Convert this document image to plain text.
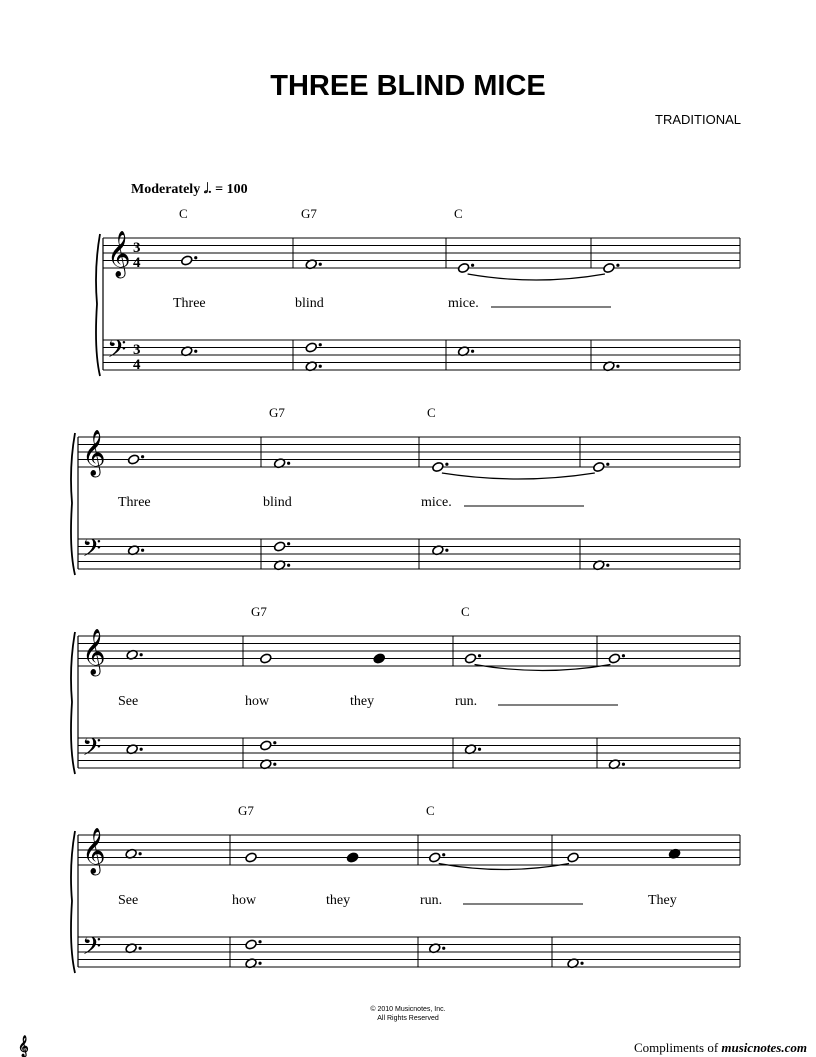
THREE BLIND MICE
TRADITIONAL
Moderately 𝅗𝅥. = 100
𝄞
𝄢
3
4
3
4
C	G7	C
Three	blind	mice.
𝄞
𝄢
G7	C
Three	blind	mice.
𝄞
𝄢
G7	C
See	how	they	run.
𝄞
𝄢
G7	C
See	how	they	run.	They
© 2010 Musicnotes, Inc.
All Rights Reserved
𝄞	Compliments of musicnotes.com
